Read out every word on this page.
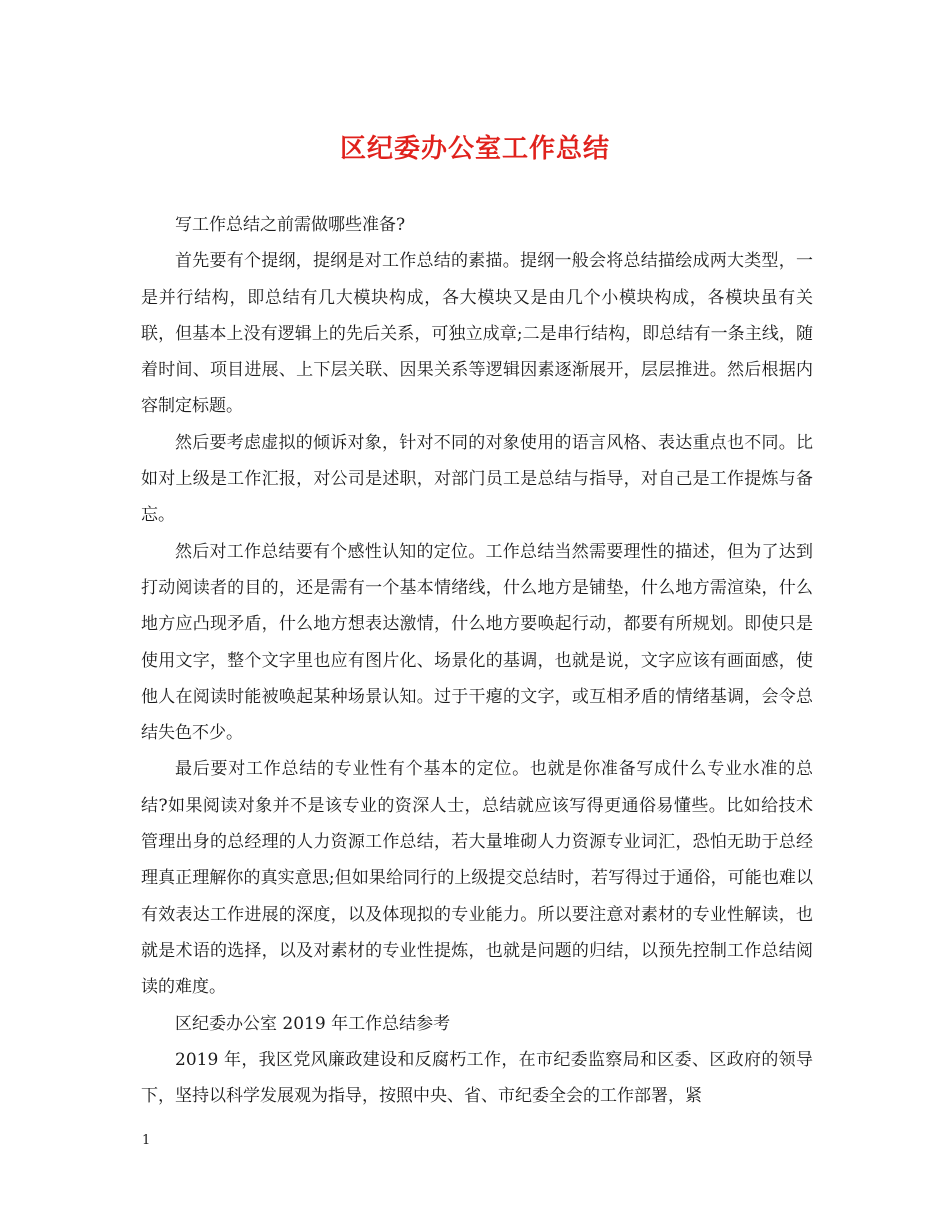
区纪委办公室工作总结

写工作总结之前需做哪些准备?

首先要有个提纲，提纲是对工作总结的素描。提纲一般会将总结描绘成两大类型，一是并行结构，即总结有几大模块构成，各大模块又是由几个小模块构成，各模块虽有关联，但基本上没有逻辑上的先后关系，可独立成章;二是串行结构，即总结有一条主线，随着时间、项目进展、上下层关联、因果关系等逻辑因素逐渐展开，层层推进。然后根据内容制定标题。

然后要考虑虚拟的倾诉对象，针对不同的对象使用的语言风格、表达重点也不同。比如对上级是工作汇报，对公司是述职，对部门员工是总结与指导，对自己是工作提炼与备忘。

然后对工作总结要有个感性认知的定位。工作总结当然需要理性的描述，但为了达到打动阅读者的目的，还是需有一个基本情绪线，什么地方是铺垫，什么地方需渲染，什么地方应凸现矛盾，什么地方想表达激情，什么地方要唤起行动，都要有所规划。即使只是使用文字，整个文字里也应有图片化、场景化的基调，也就是说，文字应该有画面感，使他人在阅读时能被唤起某种场景认知。过于干瘪的文字，或互相矛盾的情绪基调，会令总结失色不少。

最后要对工作总结的专业性有个基本的定位。也就是你准备写成什么专业水准的总结?如果阅读对象并不是该专业的资深人士，总结就应该写得更通俗易懂些。比如给技术管理出身的总经理的人力资源工作总结，若大量堆砌人力资源专业词汇，恐怕无助于总经理真正理解你的真实意思;但如果给同行的上级提交总结时，若写得过于通俗，可能也难以有效表达工作进展的深度，以及体现拟的专业能力。所以要注意对素材的专业性解读，也就是术语的选择，以及对素材的专业性提炼，也就是问题的归结，以预先控制工作总结阅读的难度。

区纪委办公室 2019 年工作总结参考

2019 年，我区党风廉政建设和反腐朽工作，在市纪委监察局和区委、区政府的领导下，坚持以科学发展观为指导，按照中央、省、市纪委全会的工作部署，紧

1
